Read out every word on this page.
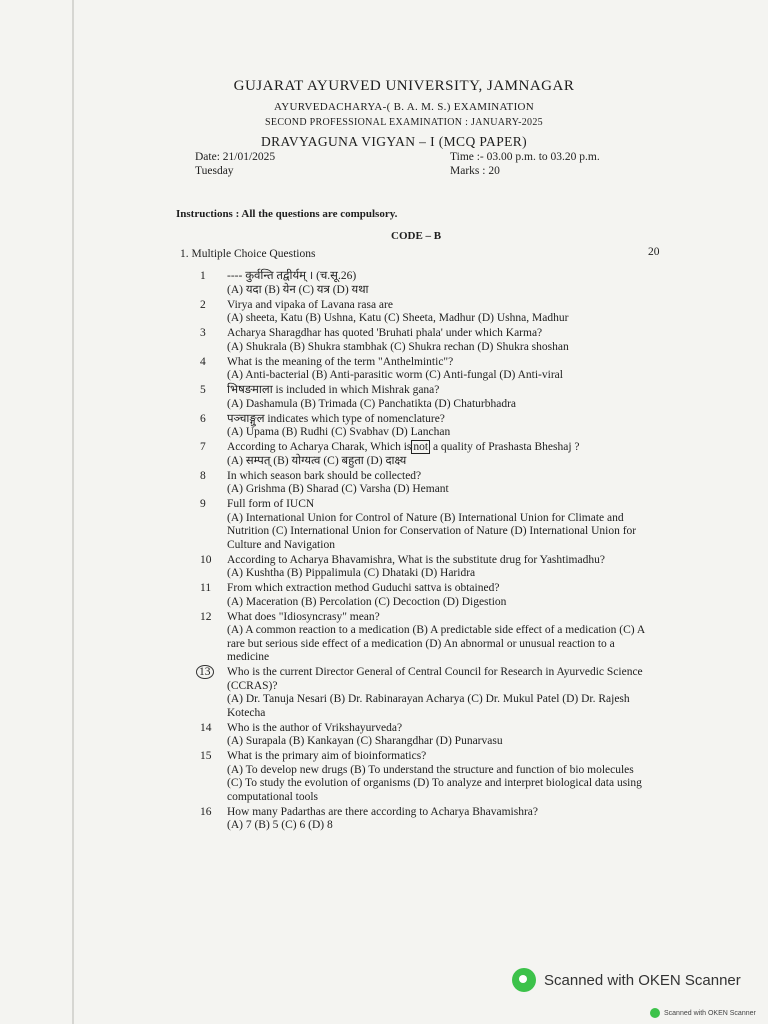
GUJARAT AYURVED UNIVERSITY, JAMNAGAR
AYURVEDACHARYA-( B. A. M. S.) EXAMINATION
SECOND PROFESSIONAL EXAMINATION : JANUARY-2025
DRAVYAGUNA VIGYAN – I (MCQ PAPER)
Date: 21/01/2025
Tuesday
Time :- 03.00 p.m. to 03.20 p.m.
Marks : 20
Instructions : All the questions are compulsory.
CODE – B
1. Multiple Choice Questions	20
1	---- कुर्वन्ति तद्वीर्यम् । (च.सू.26)
(A) यदा (B) येन (C) यत्र (D) यथा
2	Virya and vipaka of Lavana rasa are
(A) sheeta, Katu (B) Ushna, Katu (C) Sheeta, Madhur (D) Ushna, Madhur
3	Acharya Sharagdhar has quoted 'Bruhati phala' under which Karma?
(A) Shukrala (B) Shukra stambhak (C) Shukra rechan (D) Shukra shoshan
4	What is the meaning of the term "Anthelmintic"?
(A) Anti-bacterial (B) Anti-parasitic worm (C) Anti-fungal (D) Anti-viral
5	भिषङमाला is included in which Mishrak gana?
(A) Dashamula (B) Trimada (C) Panchatikta (D) Chaturbhadra
6	पञ्चाङ्गुल indicates which type of nomenclature?
(A) Upama (B) Rudhi (C) Svabhav (D) Lanchan
7	According to Acharya Charak, Which is not a quality of Prashasta Bheshaj ?
(A) सम्पत् (B) योग्यत्व (C) बहुता (D) दाक्ष्य
8	In which season bark should be collected?
(A) Grishma (B) Sharad (C) Varsha (D) Hemant
9	Full form of IUCN
(A) International Union for Control of Nature (B) International Union for Climate and Nutrition (C) International Union for Conservation of Nature (D) International Union for Culture and Navigation
10	According to Acharya Bhavamishra, What is the substitute drug for Yashtimadhu?
(A) Kushtha (B) Pippalimula (C) Dhataki (D) Haridra
11	From which extraction method Guduchi sattva is obtained?
(A) Maceration (B) Percolation (C) Decoction (D) Digestion
12	What does "Idiosyncrasy" mean?
(A) A common reaction to a medication (B) A predictable side effect of a medication (C) A rare but serious side effect of a medication (D) An abnormal or unusual reaction to a medicine
13	Who is the current Director General of Central Council for Research in Ayurvedic Science (CCRAS)?
(A) Dr. Tanuja Nesari (B) Dr. Rabinarayan Acharya (C) Dr. Mukul Patel (D) Dr. Rajesh Kotecha
14	Who is the author of Vrikshayurveda?
(A) Surapala (B) Kankayan (C) Sharangdhar (D) Punarvasu
15	What is the primary aim of bioinformatics?
(A) To develop new drugs (B) To understand the structure and function of bio molecules (C) To study the evolution of organisms (D) To analyze and interpret biological data using computational tools
16	How many Padarthas are there according to Acharya Bhavamishra?
(A) 7 (B) 5 (C) 6 (D) 8
Scanned with OKEN Scanner
Scanned with OKEN Scanner
